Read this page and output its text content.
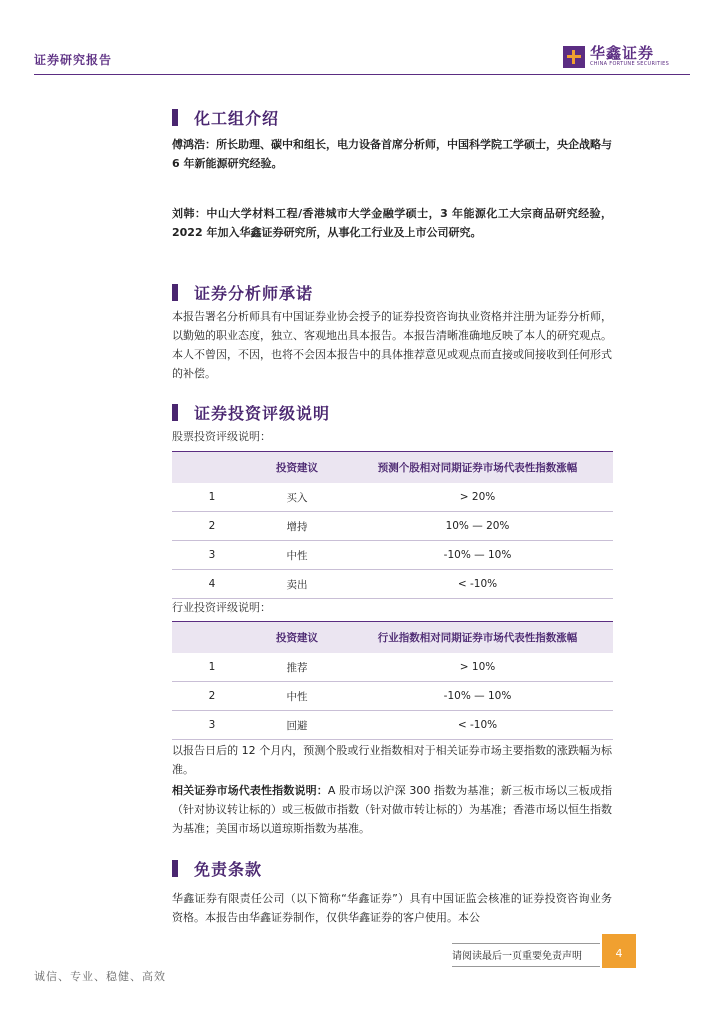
证券研究报告	华鑫证券
CHINA FORTUNE SECURITIES
化工组介绍
傅鸿浩：所长助理、碳中和组长，电力设备首席分析师，中国科学院工学硕士，央企战略与 6 年新能源研究经验。
刘韩：中山大学材料工程/香港城市大学金融学硕士，3 年能源化工大宗商品研究经验，2022 年加入华鑫证券研究所，从事化工行业及上市公司研究。
证券分析师承诺
本报告署名分析师具有中国证券业协会授予的证券投资咨询执业资格并注册为证券分析师，以勤勉的职业态度，独立、客观地出具本报告。本报告清晰准确地反映了本人的研究观点。本人不曾因，不因，也将不会因本报告中的具体推荐意见或观点而直接或间接收到任何形式的补偿。
证券投资评级说明
股票投资评级说明：
	投资建议	预测个股相对同期证券市场代表性指数涨幅
1	买入	> 20%
2	增持	10% — 20%
3	中性	-10% — 10%
4	卖出	< -10%
行业投资评级说明：
	投资建议	行业指数相对同期证券市场代表性指数涨幅
1	推荐	> 10%
2	中性	-10% — 10%
3	回避	< -10%
以报告日后的 12 个月内，预测个股或行业指数相对于相关证券市场主要指数的涨跌幅为标准。
相关证券市场代表性指数说明：A 股市场以沪深 300 指数为基准；新三板市场以三板成指（针对协议转让标的）或三板做市指数（针对做市转让标的）为基准；香港市场以恒生指数为基准；美国市场以道琼斯指数为基准。
免责条款
华鑫证券有限责任公司（以下简称“华鑫证券”）具有中国证监会核准的证券投资咨询业务资格。本报告由华鑫证券制作，仅供华鑫证券的客户使用。本公
请阅读最后一页重要免责声明	4
诚信、专业、稳健、高效
